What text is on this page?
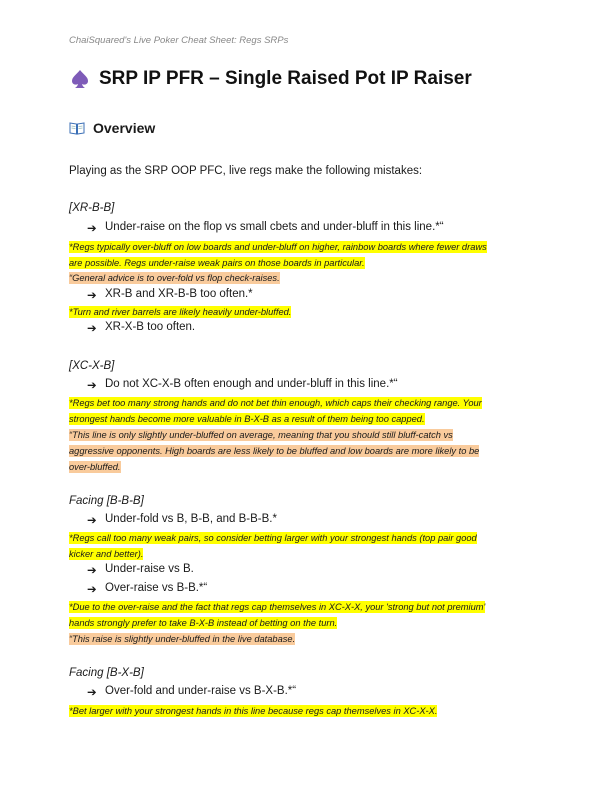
ChaiSquared's Live Poker Cheat Sheet: Regs SRPs
SRP IP PFR – Single Raised Pot IP Raiser
Overview
Playing as the SRP OOP PFC, live regs make the following mistakes:
[XR-B-B]
➔ Under-raise on the flop vs small cbets and under-bluff in this line.*“
*Regs typically over-bluff on low boards and under-bluff on higher, rainbow boards where fewer draws
are possible. Regs under-raise weak pairs on those boards in particular.
“General advice is to over-fold vs flop check-raises.
➔ XR-B and XR-B-B too often.*
*Turn and river barrels are likely heavily under-bluffed.
➔ XR-X-B too often.
[XC-X-B]
➔ Do not XC-X-B often enough and under-bluff in this line.*“
*Regs bet too many strong hands and do not bet thin enough, which caps their checking range. Your
strongest hands become more valuable in B-X-B as a result of them being too capped.
“This line is only slightly under-bluffed on average, meaning that you should still bluff-catch vs
aggressive opponents. High boards are less likely to be bluffed and low boards are more likely to be
over-bluffed.
Facing [B-B-B]
➔ Under-fold vs B, B-B, and B-B-B.*
*Regs call too many weak pairs, so consider betting larger with your strongest hands (top pair good
kicker and better).
➔ Under-raise vs B.
➔ Over-raise vs B-B.*“
*Due to the over-raise and the fact that regs cap themselves in XC-X-X, your 'strong but not premium'
hands strongly prefer to take B-X-B instead of betting on the turn.
“This raise is slightly under-bluffed in the live database.
Facing [B-X-B]
➔ Over-fold and under-raise vs B-X-B.*“
*Bet larger with your strongest hands in this line because regs cap themselves in XC-X-X.
